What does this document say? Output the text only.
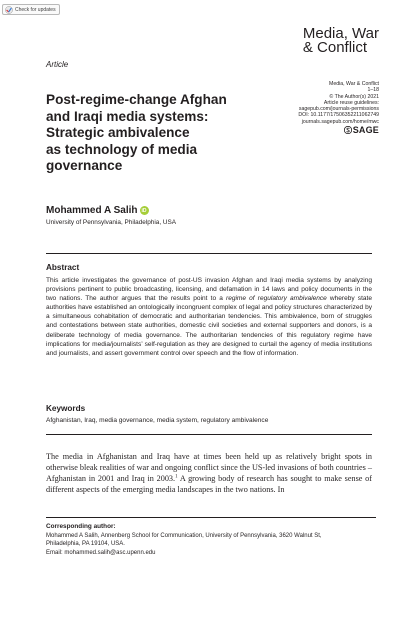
Check for updates
Media, War
& Conflict
Article
Media, War & Conflict
1–18
© The Author(s) 2021
Article reuse guidelines:
sagepub.com/journals-permissions
DOI: 10.1177/17506352211062749
journals.sagepub.com/home/mwc
SAGE
Post-regime-change Afghan
and Iraqi media systems:
Strategic ambivalence
as technology of media
governance
Mohammed A Salih iD
University of Pennsylvania, Philadelphia, USA
Abstract
This article investigates the governance of post-US invasion Afghan and Iraqi media systems by analyzing provisions pertinent to public broadcasting, licensing, and defamation in 14 laws and policy documents in the two nations. The author argues that the results point to a regime of regulatory ambivalence whereby state authorities have established an ontologically incongruent complex of legal and policy structures characterized by a simultaneous cohabitation of democratic and authoritarian tendencies. This ambivalence, born of struggles and contestations between state authorities, domestic civil societies and external supporters and donors, is a deliberate technology of media governance. The authoritarian tendencies of this regulatory regime have implications for media/journalists’ self-regulation as they are designed to curtail the agency of media institutions and journalists, and assert government control over speech and the flow of information.
Keywords
Afghanistan, Iraq, media governance, media system, regulatory ambivalence
The media in Afghanistan and Iraq have at times been held up as relatively bright spots in otherwise bleak realities of war and ongoing conflict since the US-led invasions of both countries – Afghanistan in 2001 and Iraq in 2003.$^1$ A growing body of research has sought to make sense of different aspects of the emerging media landscapes in the two nations. In
Corresponding author:
Mohammed A Salih, Annenberg School for Communication, University of Pennsylvania, 3620 Walnut St,
Philadelphia, PA 19104, USA.
Email: mohammed.salih@asc.upenn.edu
